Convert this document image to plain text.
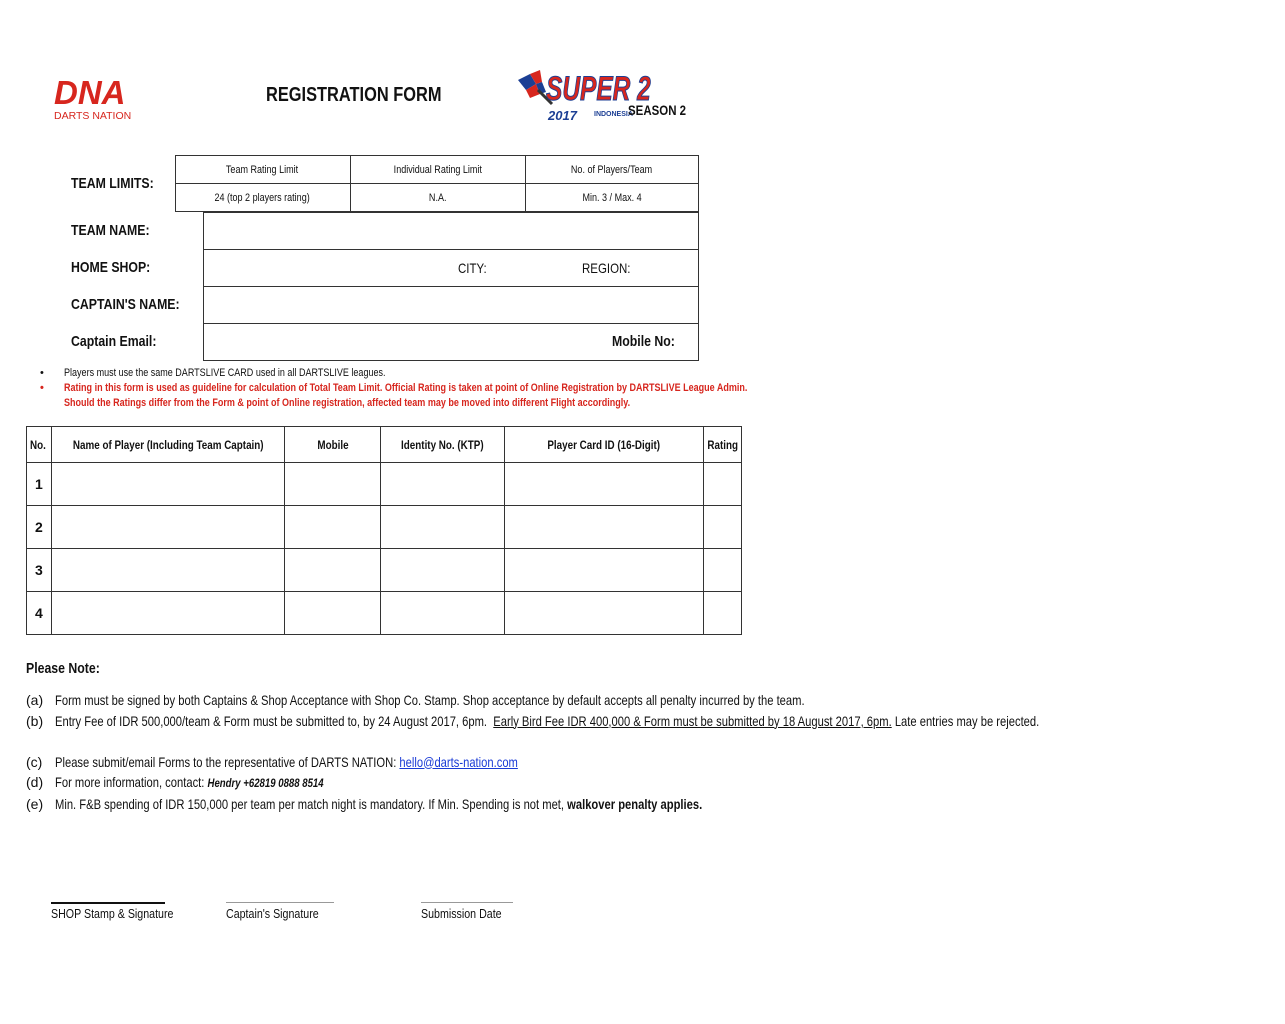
DNA
DARTS NATION
REGISTRATION FORM	SUPER 2
2017 INDONESIA
SEASON 2
TEAM LIMITS:	Team Rating Limit	Individual Rating Limit	No. of Players/Team
	24 (top 2 players rating)	N.A.	Min. 3 / Max. 4
TEAM NAME:			
HOME SHOP:		CITY:	REGION:
CAPTAIN'S NAME:			
Captain Email:			Mobile No:
•	Players must use the same DARTSLIVE CARD used in all DARTSLIVE leagues.
•	Rating in this form is used as guideline for calculation of Total Team Limit. Official Rating is taken at point of Online Registration by DARTSLIVE League Admin.
Should the Ratings differ from the Form & point of Online registration, affected team may be moved into different Flight accordingly.
No.	Name of Player (Including Team Captain)	Mobile	Identity No. (KTP)	Player Card ID (16-Digit)	Rating
1					
2					
3					
4					
Please Note:
(a) Form must be signed by both Captains & Shop Acceptance with Shop Co. Stamp. Shop acceptance by default accepts all penalty incurred by the team.
(b) Entry Fee of IDR 500,000/team & Form must be submitted to, by 24 August 2017, 6pm. Early Bird Fee IDR 400,000 & Form must be submitted by 18 August 2017, 6pm. Late entries may be rejected.
(c) Please submit/email Forms to the representative of DARTS NATION: hello@darts-nation.com
(d) For more information, contact: Hendry +62819 0888 8514
(e) Min. F&B spending of IDR 150,000 per team per match night is mandatory. If Min. Spending is not met, walkover penalty applies.
SHOP Stamp & Signature	Captain's Signature	Submission Date
